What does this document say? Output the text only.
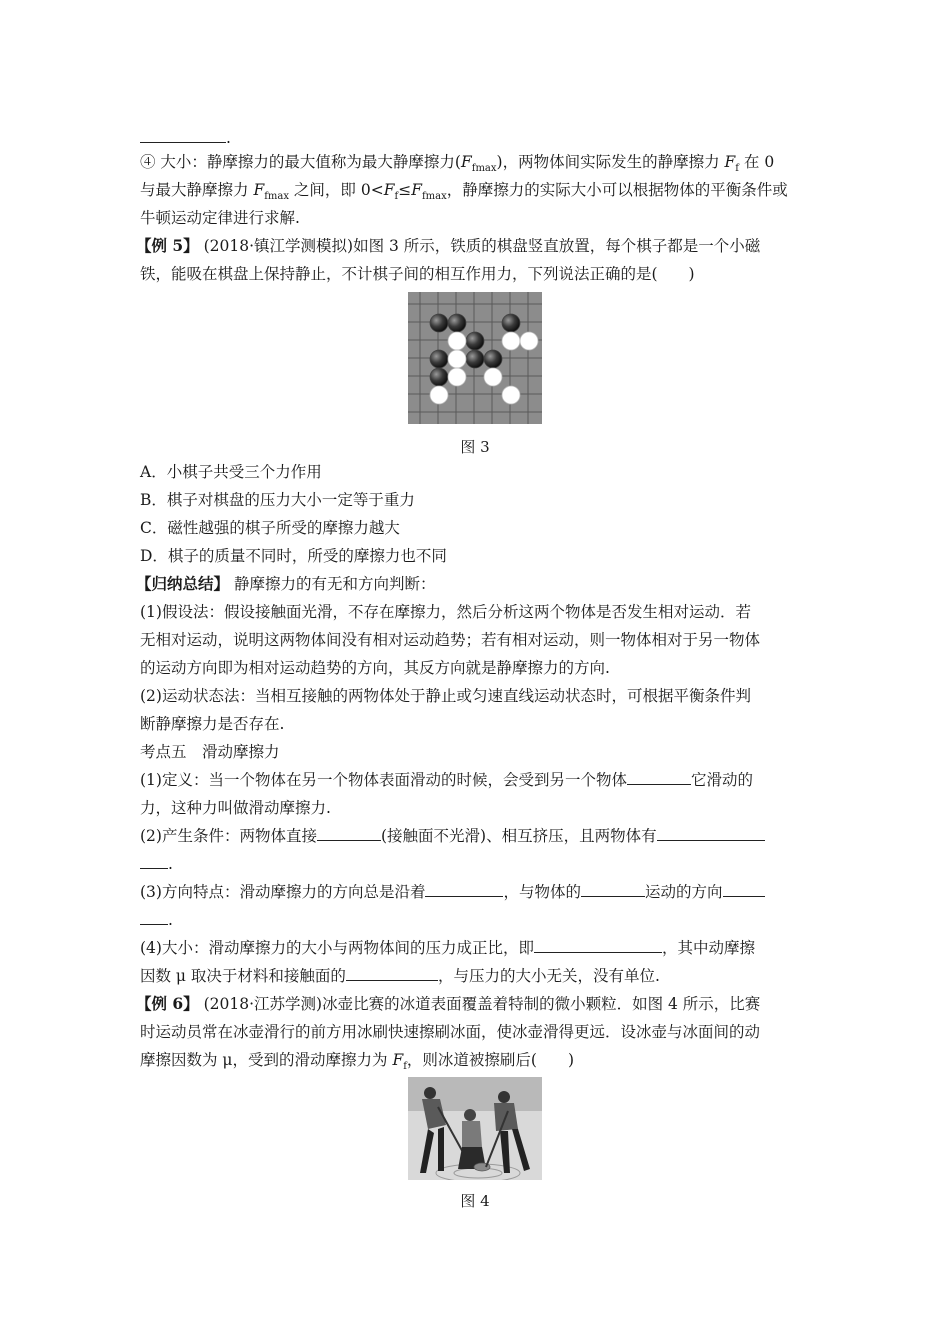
.
④ 大小：静摩擦力的最大值称为最大静摩擦力$(F_{fmax})$，两物体间实际发生的静摩擦力 $F_f$ 在 0
与最大静摩擦力 $F_{fmax}$ 之间，即 $0<F_f\le F_{fmax}$，静摩擦力的实际大小可以根据物体的平衡条件或
牛顿运动定律进行求解.
【例 5】 (2018·镇江学测模拟)如图 3 所示，铁质的棋盘竖直放置，每个棋子都是一个小磁
铁，能吸在棋盘上保持静止，不计棋子间的相互作用力，下列说法正确的是(　　)
图 3
A．小棋子共受三个力作用
B．棋子对棋盘的压力大小一定等于重力
C．磁性越强的棋子所受的摩擦力越大
D．棋子的质量不同时，所受的摩擦力也不同
【归纳总结】 静摩擦力的有无和方向判断：
(1)假设法：假设接触面光滑，不存在摩擦力，然后分析这两个物体是否发生相对运动．若
无相对运动，说明这两物体间没有相对运动趋势；若有相对运动，则一物体相对于另一物体
的运动方向即为相对运动趋势的方向，其反方向就是静摩擦力的方向.
(2)运动状态法：当相互接触的两物体处于静止或匀速直线运动状态时，可根据平衡条件判
断静摩擦力是否存在.
考点五　滑动摩擦力
(1)定义：当一个物体在另一个物体表面滑动的时候，会受到另一个物体	它滑动的
力，这种力叫做滑动摩擦力.
(2)产生条件：两物体直接	(接触面不光滑)、相互挤压，且两物体有
.
(3)方向特点：滑动摩擦力的方向总是沿着	，与物体的	运动的方向
.
(4)大小：滑动摩擦力的大小与两物体间的压力成正比，即	，其中动摩擦
因数 μ 取决于材料和接触面的	，与压力的大小无关，没有单位.
【例 6】 (2018·江苏学测)冰壶比赛的冰道表面覆盖着特制的微小颗粒．如图 4 所示，比赛
时运动员常在冰壶滑行的前方用冰刷快速擦刷冰面，使冰壶滑得更远．设冰壶与冰面间的动
摩擦因数为 μ，受到的滑动摩擦力为 $F_f$，则冰道被擦刷后(　　)
图 4
